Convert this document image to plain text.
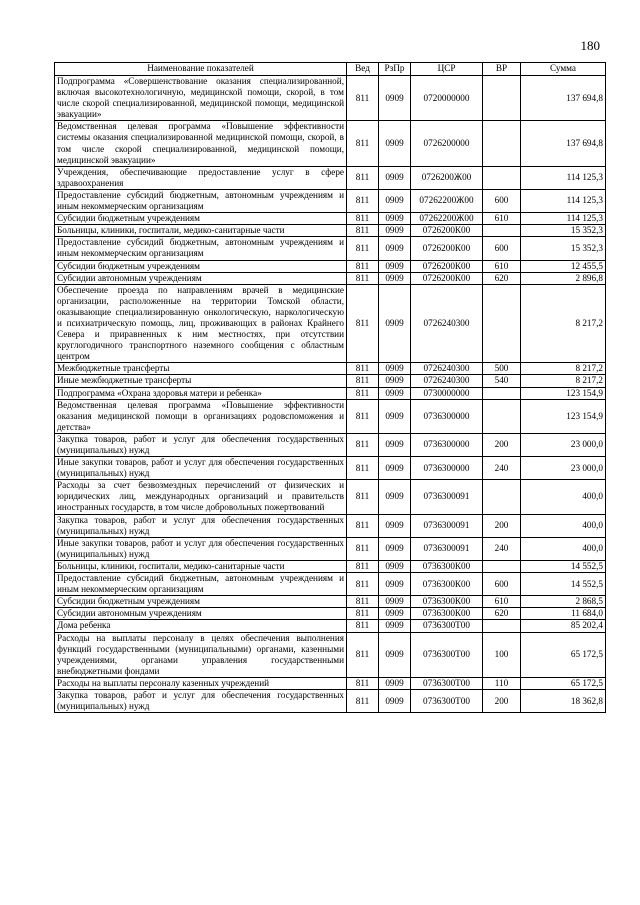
180
Наименование показателей	Вед	РзПр	ЦСР	ВР	Сумма
Подпрограмма «Совершенствование оказания специализированной, включая высокотехнологичную, медицинской помощи, скорой, в том числе скорой специализированной, медицинской помощи, медицинской эвакуации»	811	0909	0720000000		137 694,8
Ведомственная целевая программа «Повышение эффективности системы оказания специализированной медицинской помощи, скорой, в том числе скорой специализированной, медицинской помощи, медицинской эвакуации»	811	0909	0726200000		137 694,8
Учреждения, обеспечивающие предоставление услуг в сфере здравоохранения	811	0909	0726200Ж00		114 125,3
Предоставление субсидий бюджетным, автономным учреждениям и иным некоммерческим организациям	811	0909	07262200Ж00	600	114 125,3
Субсидии бюджетным учреждениям	811	0909	07262200Ж00	610	114 125,3
Больницы, клиники, госпитали, медико-санитарные части	811	0909	0726200К00		15 352,3
Предоставление субсидий бюджетным, автономным учреждениям и иным некоммерческим организациям	811	0909	0726200К00	600	15 352,3
Субсидии бюджетным учреждениям	811	0909	0726200К00	610	12 455,5
Субсидии автономным учреждениям	811	0909	0726200К00	620	2 896,8
Обеспечение проезда по направлениям врачей в медицинские организации, расположенные на территории Томской области, оказывающие специализированную онкологическую, наркологическую и психиатрическую помощь, лиц, проживающих в районах Крайнего Севера и приравненных к ним местностях, при отсутствии круглогодичного транспортного наземного сообщения с областным центром	811	0909	0726240300		8 217,2
Межбюджетные трансферты	811	0909	0726240300	500	8 217,2
Иные межбюджетные трансферты	811	0909	0726240300	540	8 217,2
Подпрограмма «Охрана здоровья матери и ребенка»	811	0909	0730000000		123 154,9
Ведомственная целевая программа «Повышение эффективности оказания медицинской помощи в организациях родовспоможения и детства»	811	0909	0736300000		123 154,9
Закупка товаров, работ и услуг для обеспечения государственных (муниципальных) нужд	811	0909	0736300000	200	23 000,0
Иные закупки товаров, работ и услуг для обеспечения государственных (муниципальных) нужд	811	0909	0736300000	240	23 000,0
Расходы за счет безвозмездных перечислений от физических и юридических лиц, международных организаций и правительств иностранных государств, в том числе добровольных пожертвований	811	0909	0736300091		400,0
Закупка товаров, работ и услуг для обеспечения государственных (муниципальных) нужд	811	0909	0736300091	200	400,0
Иные закупки товаров, работ и услуг для обеспечения государственных (муниципальных) нужд	811	0909	0736300091	240	400,0
Больницы, клиники, госпитали, медико-санитарные части	811	0909	0736300К00		14 552,5
Предоставление субсидий бюджетным, автономным учреждениям и иным некоммерческим организациям	811	0909	0736300К00	600	14 552,5
Субсидии бюджетным учреждениям	811	0909	0736300К00	610	2 868,5
Субсидии автономным учреждениям	811	0909	0736300К00	620	11 684,0
Дома ребенка	811	0909	0736300Т00		85 202,4
Расходы на выплаты персоналу в целях обеспечения выполнения функций государственными (муниципальными) органами, казенными учреждениями, органами управления государственными внебюджетными фондами	811	0909	0736300Т00	100	65 172,5
Расходы на выплаты персоналу казенных учреждений	811	0909	0736300Т00	110	65 172,5
Закупка товаров, работ и услуг для обеспечения государственных (муниципальных) нужд	811	0909	0736300Т00	200	18 362,8
